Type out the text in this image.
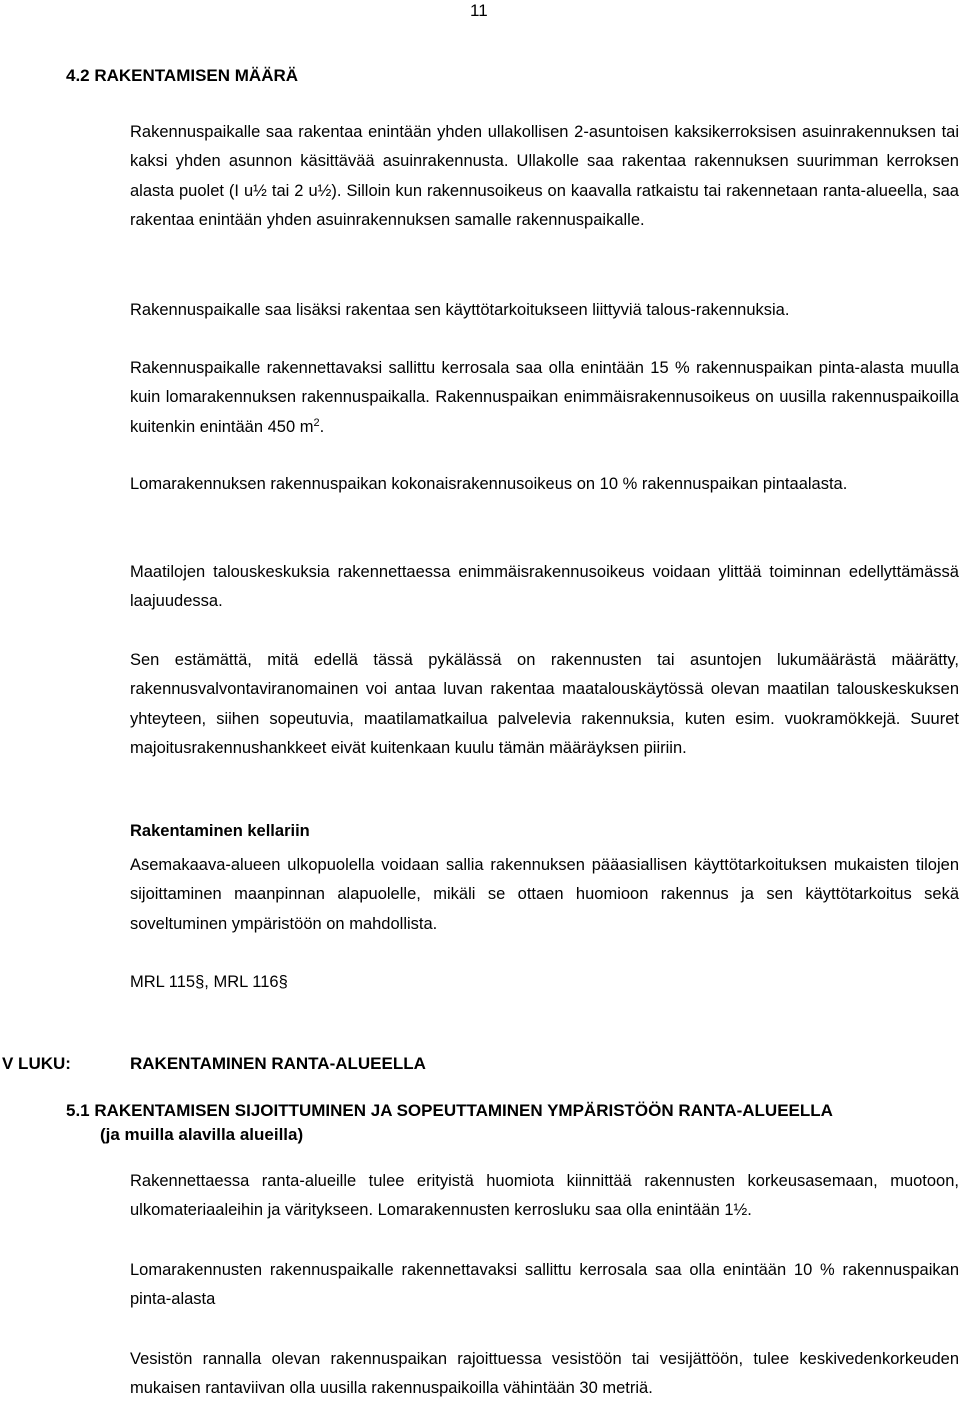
11
4.2 RAKENTAMISEN MÄÄRÄ

Rakennuspaikalle saa rakentaa enintään yhden ullakollisen 2-asuntoisen kaksikerroksisen asuinrakennuksen tai kaksi yhden asunnon käsittävää asuinrakennusta. Ullakolle saa rakentaa rakennuksen suurimman kerroksen alasta puolet (I u½ tai 2 u½). Silloin kun rakennusoikeus on kaavalla ratkaistu tai rakennetaan ranta-alueella, saa rakentaa enintään yhden asuinrakennuksen samalle rakennuspaikalle.

Rakennuspaikalle saa lisäksi rakentaa sen käyttötarkoitukseen liittyviä talous-rakennuksia.

Rakennuspaikalle rakennettavaksi sallittu kerrosala saa olla enintään 15 % rakennuspaikan pinta-alasta muulla kuin lomarakennuksen rakennuspaikalla. Rakennuspaikan enimmäisrakennusoikeus on uusilla rakennuspaikoilla kuitenkin enintään 450 $m^2$.

Lomarakennuksen rakennuspaikan kokonaisrakennusoikeus on 10 % rakennuspaikan pintaalasta.

Maatilojen talouskeskuksia rakennettaessa enimmäisrakennusoikeus voidaan ylittää toiminnan edellyttämässä laajuudessa.

Sen estämättä, mitä edellä tässä pykälässä on rakennusten tai asuntojen lukumäärästä määrätty, rakennusvalvontaviranomainen voi antaa luvan rakentaa maatalouskäytössä olevan maatilan talouskeskuksen yhteyteen, siihen sopeutuvia, maatilamatkailua palvelevia rakennuksia, kuten esim. vuokramökkejä. Suuret majoitusrakennushankkeet eivät kuitenkaan kuulu tämän määräyksen piiriin.

Rakentaminen kellariin

Asemakaava-alueen ulkopuolella voidaan sallia rakennuksen pääasiallisen käyttötarkoituksen mukaisten tilojen sijoittaminen maanpinnan alapuolelle, mikäli se ottaen huomioon rakennus ja sen käyttötarkoitus sekä soveltuminen ympäristöön on mahdollista.

MRL 115§, MRL 116§

V LUKU:	RAKENTAMINEN RANTA-ALUEELLA
5.1 RAKENTAMISEN SIJOITTUMINEN JA SOPEUTTAMINEN YMPÄRISTÖÖN RANTA-ALUEELLA
(ja muilla alavilla alueilla)

Rakennettaessa ranta-alueille tulee erityistä huomiota kiinnittää rakennusten korkeusasemaan, muotoon, ulkomateriaaleihin ja väritykseen. Lomarakennusten kerrosluku saa olla enintään 1½.

Lomarakennusten rakennuspaikalle rakennettavaksi sallittu kerrosala saa olla enintään 10 % rakennuspaikan pinta-alasta

Vesistön rannalla olevan rakennuspaikan rajoittuessa vesistöön tai vesijättöön, tulee keskivedenkorkeuden mukaisen rantaviivan olla uusilla rakennuspaikoilla vähintään 30 metriä.
